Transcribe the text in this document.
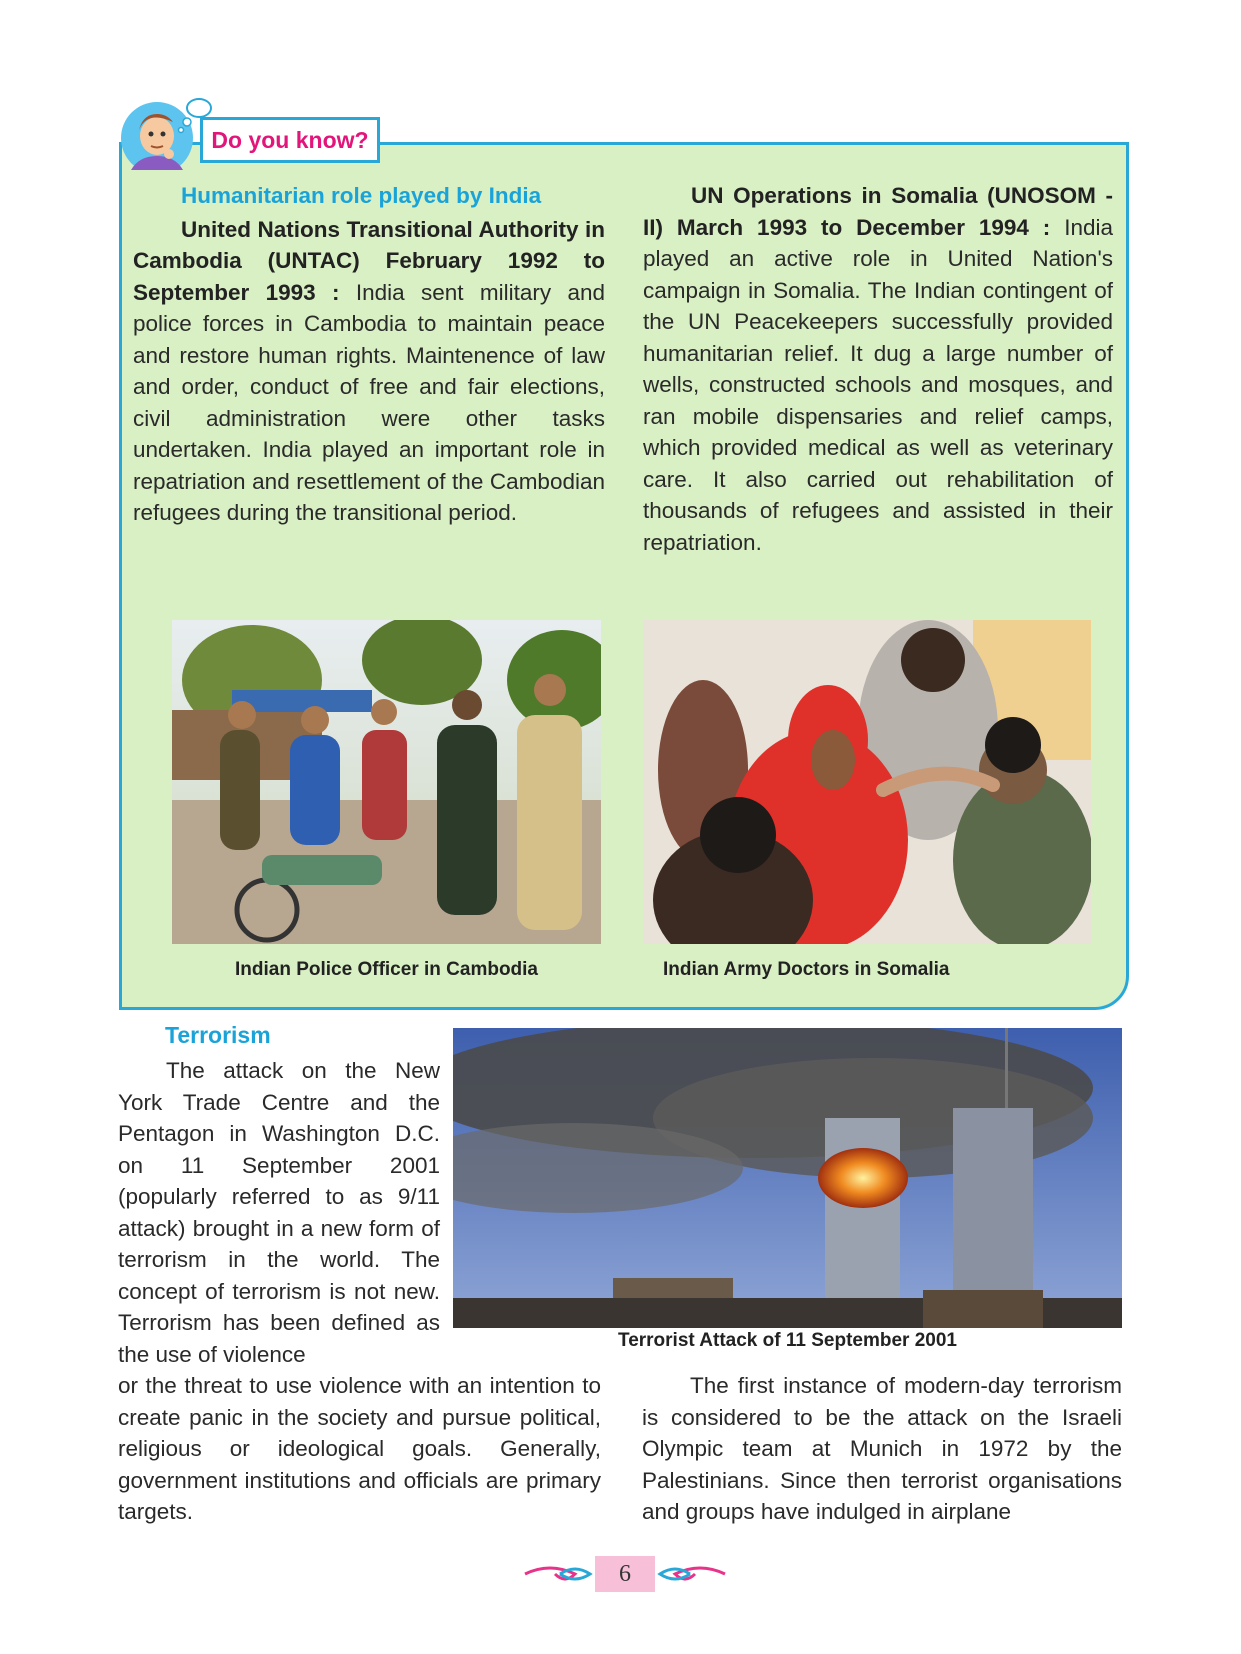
Do you know?

Humanitarian role played by India

United Nations Transitional Authority in Cambodia (UNTAC) February 1992 to September 1993 : India sent military and police forces in Cambodia to maintain peace and restore human rights. Maintenence of law and order, conduct of free and fair elections, civil administration were other tasks undertaken. India played an important role in repatriation and resettlement of the Cambodian refugees during the transitional period.

UN Operations in Somalia (UNOSOM - II) March 1993 to December 1994 : India played an active role in United Nation's campaign in Somalia. The Indian contingent of the UN Peacekeepers successfully provided humanitarian relief. It dug a large number of wells, constructed schools and mosques, and ran mobile dispensaries and relief camps, which provided medical as well as veterinary care. It also carried out rehabilitation of thousands of refugees and assisted in their repatriation.

Indian Police Officer in Cambodia	Indian Army Doctors in Somalia
Terrorism

The attack on the New York Trade Centre and the Pentagon in Washington D.C. on 11 September 2001 (popularly referred to as 9/11 attack) brought in a new form of terrorism in the world. The concept of terrorism is not new. Terrorism has been defined as the use of violence

or the threat to use violence with an intention to create panic in the society and pursue political, religious or ideological goals. Generally, government institutions and officials are primary targets.

Terrorist Attack of 11 September 2001

The first instance of modern-day terrorism is considered to be the attack on the Israeli Olympic team at Munich in 1972 by the Palestinians. Since then terrorist organisations and groups have indulged in airplane

6
